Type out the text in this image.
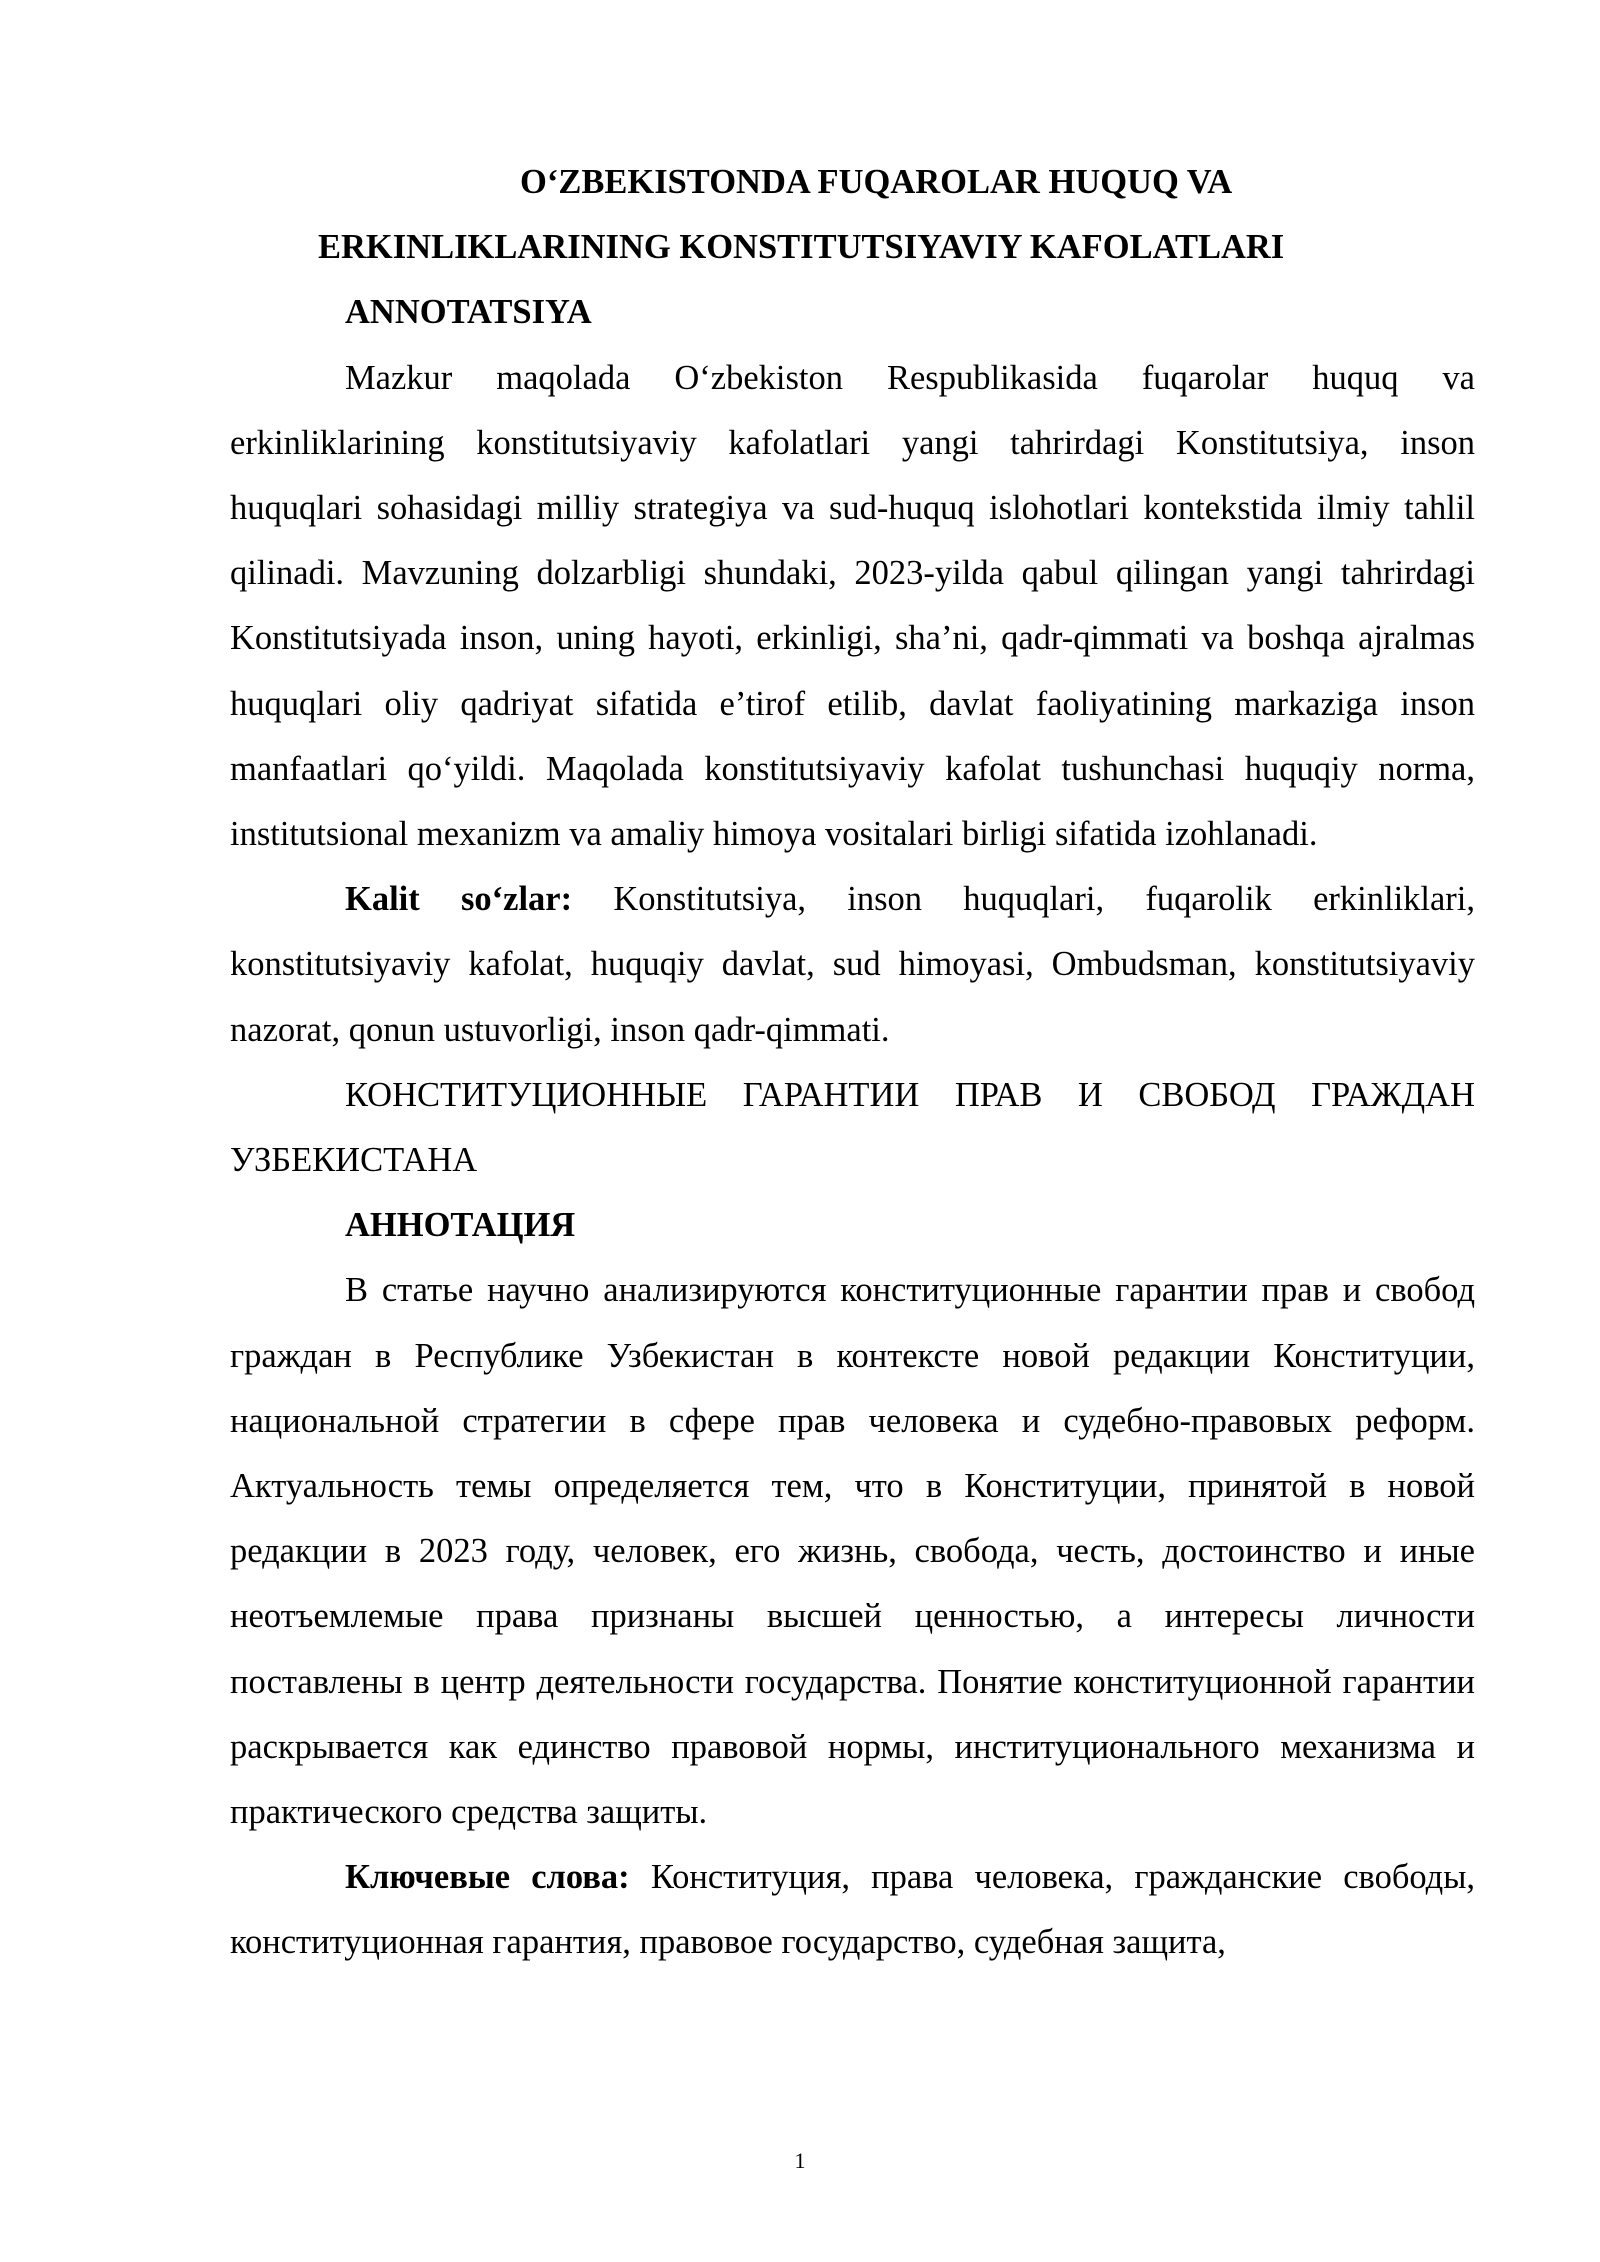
O‘ZBEKISTONDA FUQAROLAR HUQUQ VA

ERKINLIKLARINING KONSTITUTSIYAVIY KAFOLATLARI

ANNOTATSIYA

Mazkur maqolada O‘zbekiston Respublikasida fuqarolar huquq va erkinliklarining konstitutsiyaviy kafolatlari yangi tahrirdagi Konstitutsiya, inson huquqlari sohasidagi milliy strategiya va sud-huquq islohotlari kontekstida ilmiy tahlil qilinadi. Mavzuning dolzarbligi shundaki, 2023-yilda qabul qilingan yangi tahrirdagi Konstitutsiyada inson, uning hayoti, erkinligi, sha’ni, qadr-qimmati va boshqa ajralmas huquqlari oliy qadriyat sifatida e’tirof etilib, davlat faoliyatining markaziga inson manfaatlari qo‘yildi. Maqolada konstitutsiyaviy kafolat tushunchasi huquqiy norma, institutsional mexanizm va amaliy himoya vositalari birligi sifatida izohlanadi.

Kalit so‘zlar: Konstitutsiya, inson huquqlari, fuqarolik erkinliklari, konstitutsiyaviy kafolat, huquqiy davlat, sud himoyasi, Ombudsman, konstitutsiyaviy nazorat, qonun ustuvorligi, inson qadr-qimmati.

КОНСТИТУЦИОННЫЕ ГАРАНТИИ ПРАВ И СВОБОД ГРАЖДАН УЗБЕКИСТАНА

АННОТАЦИЯ

В статье научно анализируются конституционные гарантии прав и свобод граждан в Республике Узбекистан в контексте новой редакции Конституции, национальной стратегии в сфере прав человека и судебно-правовых реформ. Актуальность темы определяется тем, что в Конституции, принятой в новой редакции в 2023 году, человек, его жизнь, свобода, честь, достоинство и иные неотъемлемые права признаны высшей ценностью, а интересы личности поставлены в центр деятельности государства. Понятие конституционной гарантии раскрывается как единство правовой нормы, институционального механизма и практического средства защиты.

Ключевые слова: Конституция, права человека, гражданские свободы, конституционная гарантия, правовое государство, судебная защита,

1
